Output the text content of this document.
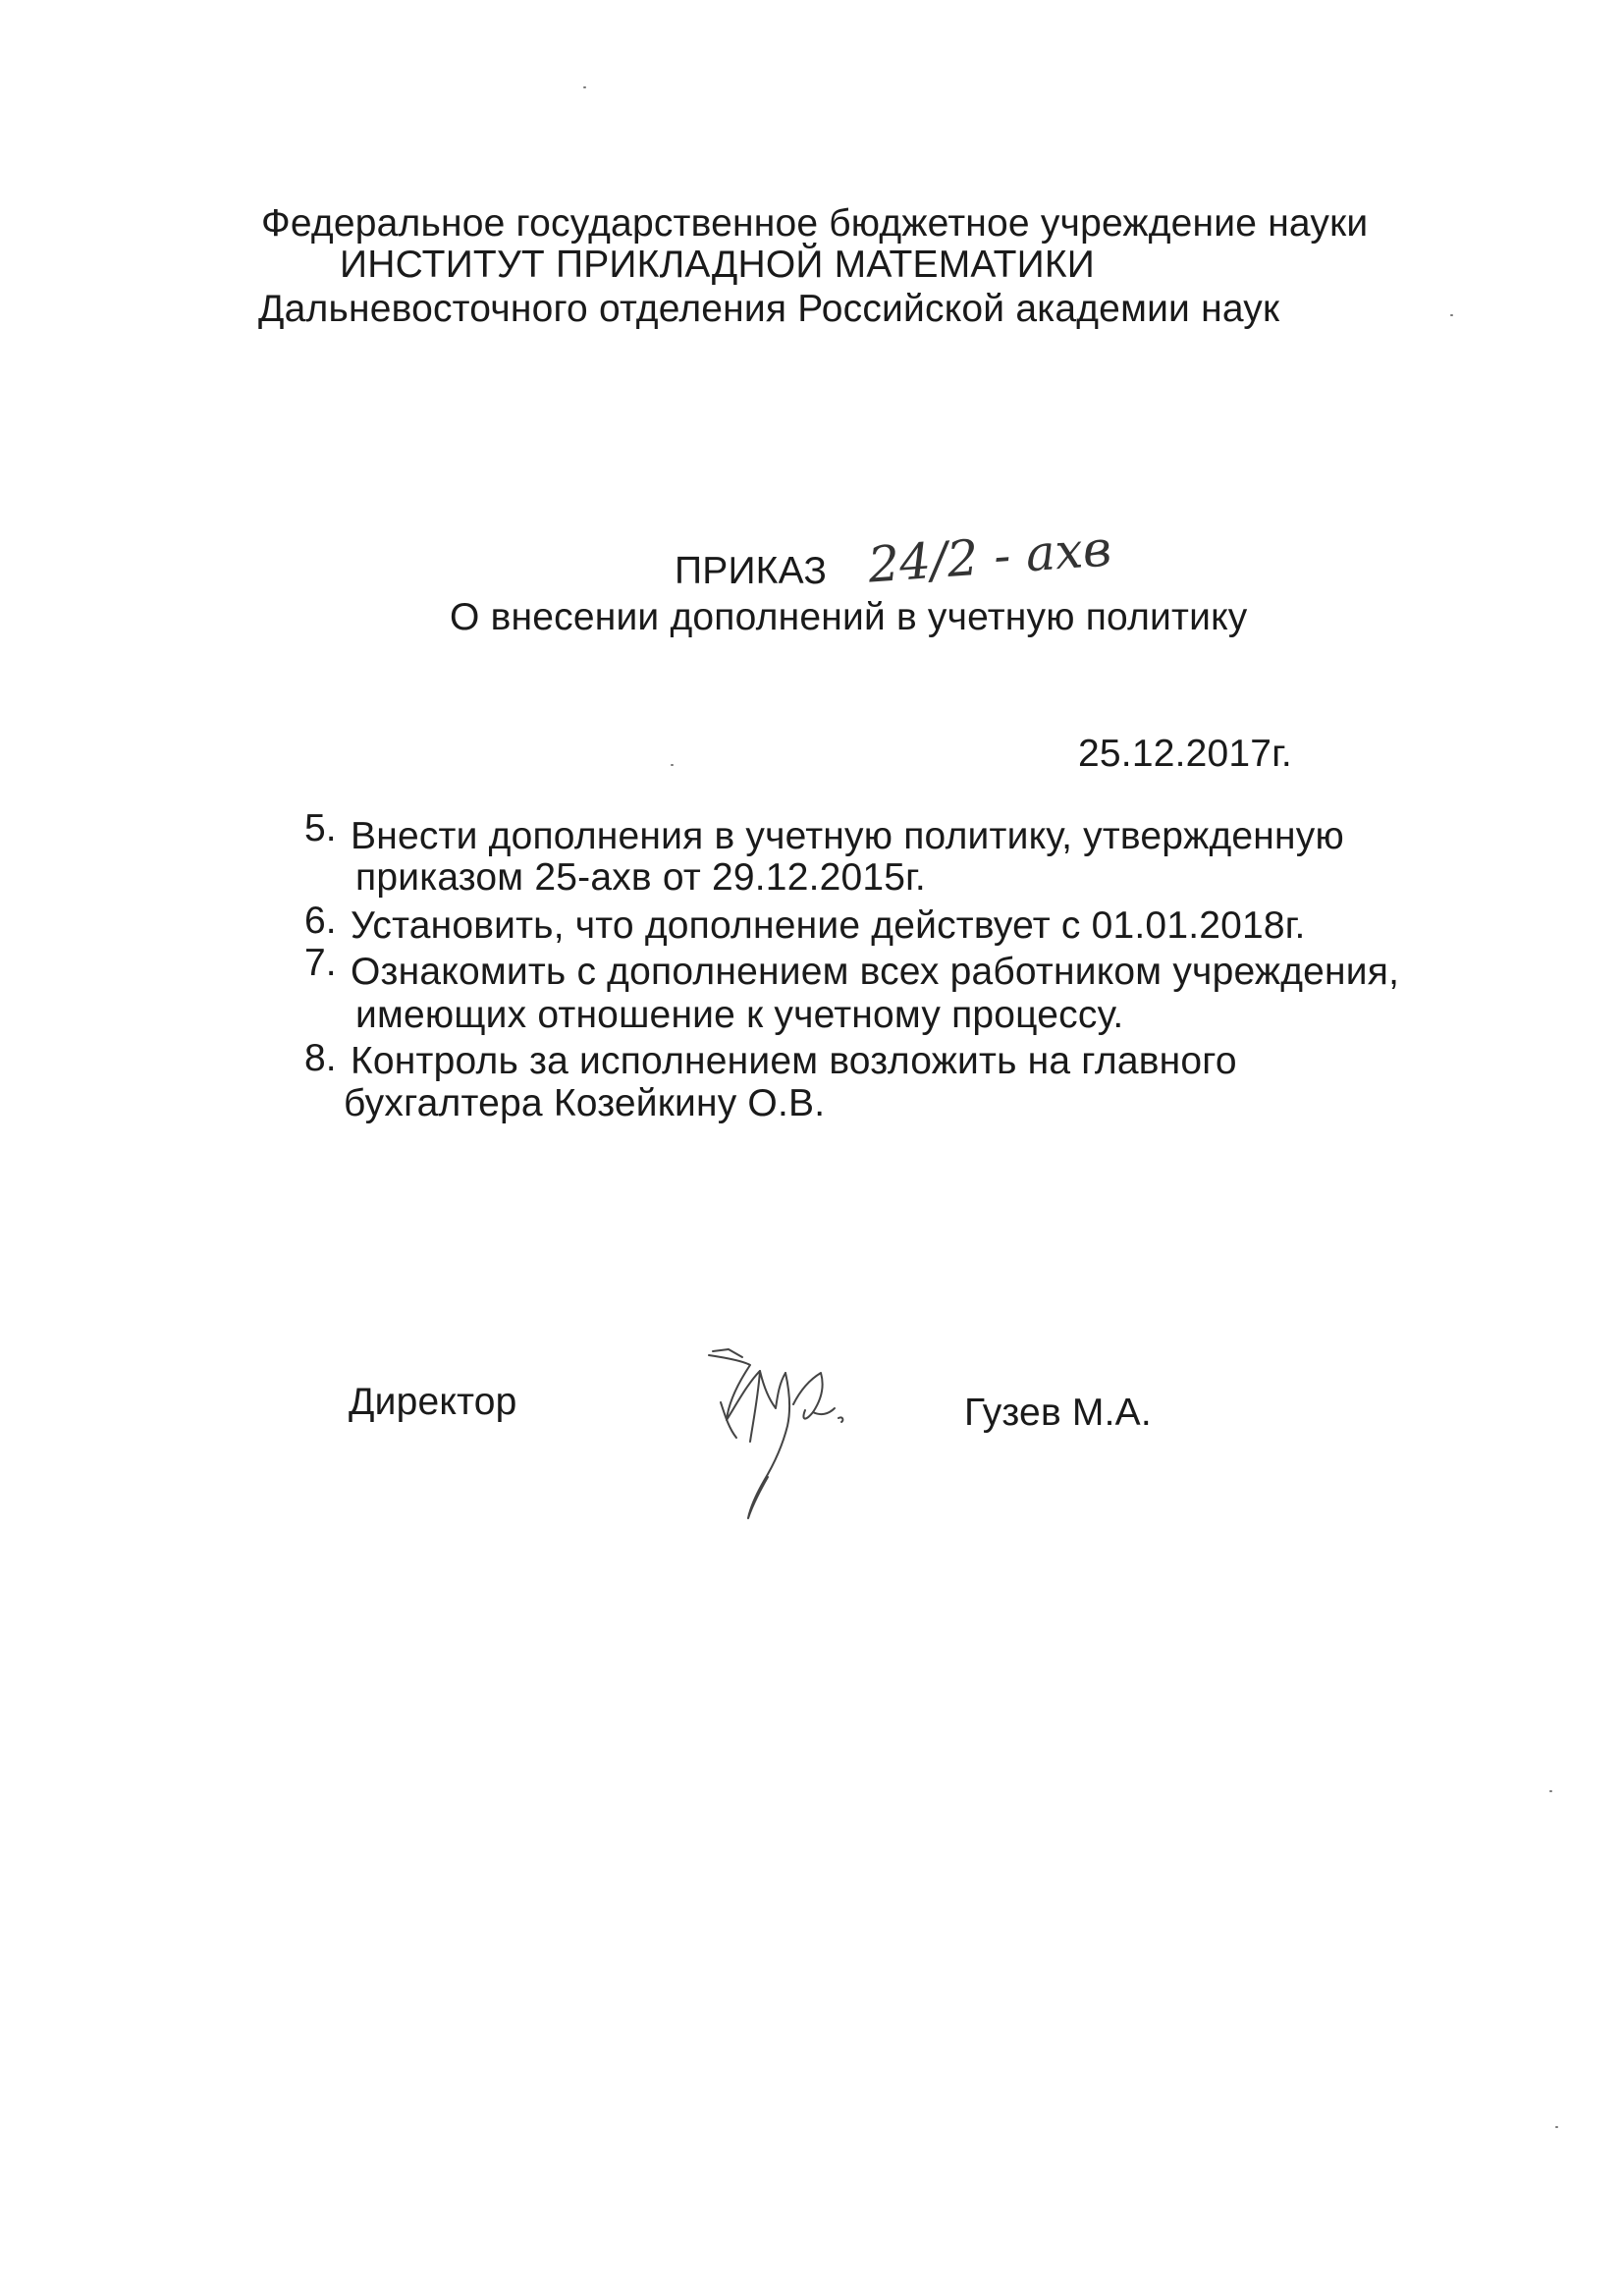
Федеральное государственное бюджетное учреждение науки
ИНСТИТУТ ПРИКЛАДНОЙ МАТЕМАТИКИ
Дальневосточного отделения Российской академии наук
ПРИКАЗ 24/2 - ахв
О внесении дополнений в учетную политику
25.12.2017г.
5. Внести дополнения в учетную политику, утвержденную
приказом 25-ахв от 29.12.2015г.
6. Установить, что дополнение действует с 01.01.2018г.
7. Ознакомить с дополнением всех работником учреждения,
имеющих отношение к учетному процессу.
8. Контроль за исполнением возложить на главного
бухгалтера Козейкину О.В.
Директор	Гузев М.А.
